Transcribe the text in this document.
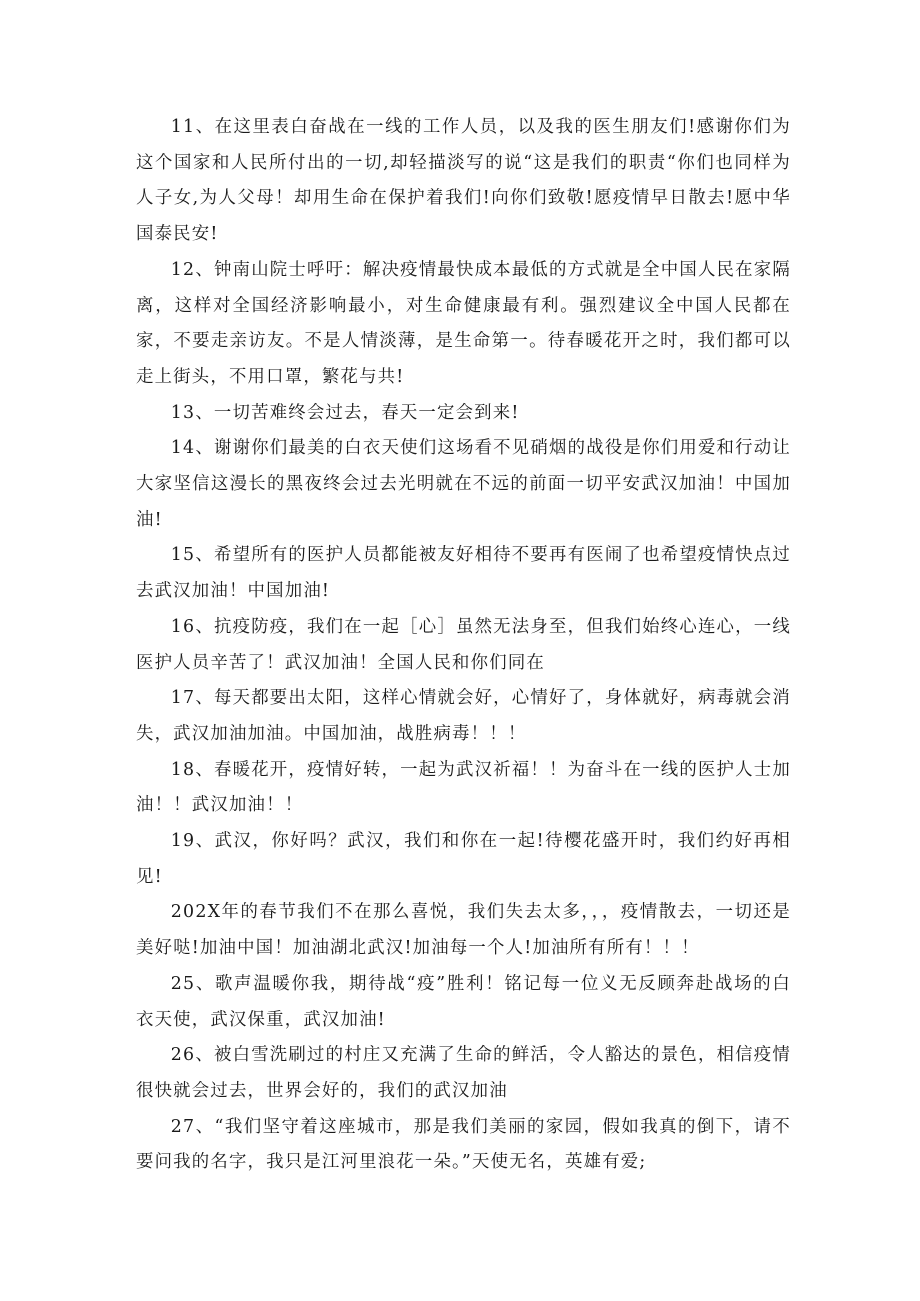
11、在这里表白奋战在一线的工作人员，以及我的医生朋友们!感谢你们为这个国家和人民所付出的一切,却轻描淡写的说“这是我们的职责“你们也同样为人子女,为人父母！却用生命在保护着我们!向你们致敬!愿疫情早日散去!愿中华国泰民安!

12、钟南山院士呼吁：解决疫情最快成本最低的方式就是全中国人民在家隔离，这样对全国经济影响最小，对生命健康最有利。强烈建议全中国人民都在家，不要走亲访友。不是人情淡薄，是生命第一。待春暖花开之时，我们都可以走上街头，不用口罩，繁花与共!

13、一切苦难终会过去，春天一定会到来!

14、谢谢你们最美的白衣天使们这场看不见硝烟的战役是你们用爱和行动让大家坚信这漫长的黑夜终会过去光明就在不远的前面一切平安武汉加油！中国加油!

15、希望所有的医护人员都能被友好相待不要再有医闹了也希望疫情快点过去武汉加油！中国加油!

16、抗疫防疫，我们在一起［心］虽然无法身至，但我们始终心连心，一线医护人员辛苦了！武汉加油！全国人民和你们同在

17、每天都要出太阳，这样心情就会好，心情好了，身体就好，病毒就会消失，武汉加油加油。中国加油，战胜病毒！！！

18、春暖花开，疫情好转，一起为武汉祈福！！为奋斗在一线的医护人士加油！！武汉加油！！

19、武汉，你好吗？武汉，我们和你在一起!待樱花盛开时，我们约好再相见!

202X年的春节我们不在那么喜悦，我们失去太多，，，疫情散去，一切还是美好哒!加油中国！加油湖北武汉!加油每一个人!加油所有所有！！！

25、歌声温暖你我，期待战“疫”胜利！铭记每一位义无反顾奔赴战场的白衣天使，武汉保重，武汉加油!

26、被白雪洗刷过的村庄又充满了生命的鲜活，令人豁达的景色，相信疫情很快就会过去，世界会好的，我们的武汉加油

27、“我们坚守着这座城市，那是我们美丽的家园，假如我真的倒下，请不要问我的名字，我只是江河里浪花一朵。”天使无名，英雄有爱;
